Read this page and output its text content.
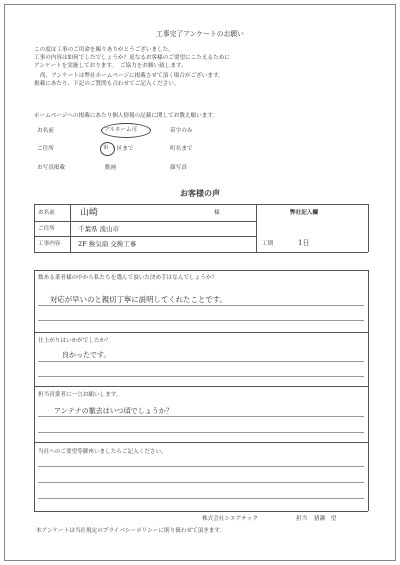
工事完了アンケートのお願い
この度は工事のご用命を賜りありがとうございました。
工事の内容は如何でしたでしょうか？更なるお客様のご要望にこたえるために
アンケートを実施しております。　ご協力をお願い致します。
尚、アンケートは弊社ホームページに掲載させて頂く場合がございます。
掲載にあたり、下記のご質問も合わせてご記入ください。
ホームページへの掲載にあたり個人情報の記載に関してお教え願います。
お名前	フルネーム可	苗字のみ
ご住所	市 ・区まで	町名まで
お写真掲載	動画	顔写真
お客様の声
お名前	山崎	様	弊社記入欄
ご住所	千葉県 流山市
工事内容	2F 換気扇 交換工事	工期	1日
数ある業者様の中から私たちを選んで頂いた決め手はなんでしょうか？
対応が早いのと親切丁寧に説明してくれたことです。
仕上がりはいかがでしたか？
良かったです。
担当営業者に一言お願いします。
アンテナの撤去はいつ頃でしょうか？
当社へのご要望等御座いましたらご記入ください。
株式会社シエアテック	担当 猪瀬　望
本アンケートは当社規定のプライバシーポリシーに則り扱わせて頂きます。
